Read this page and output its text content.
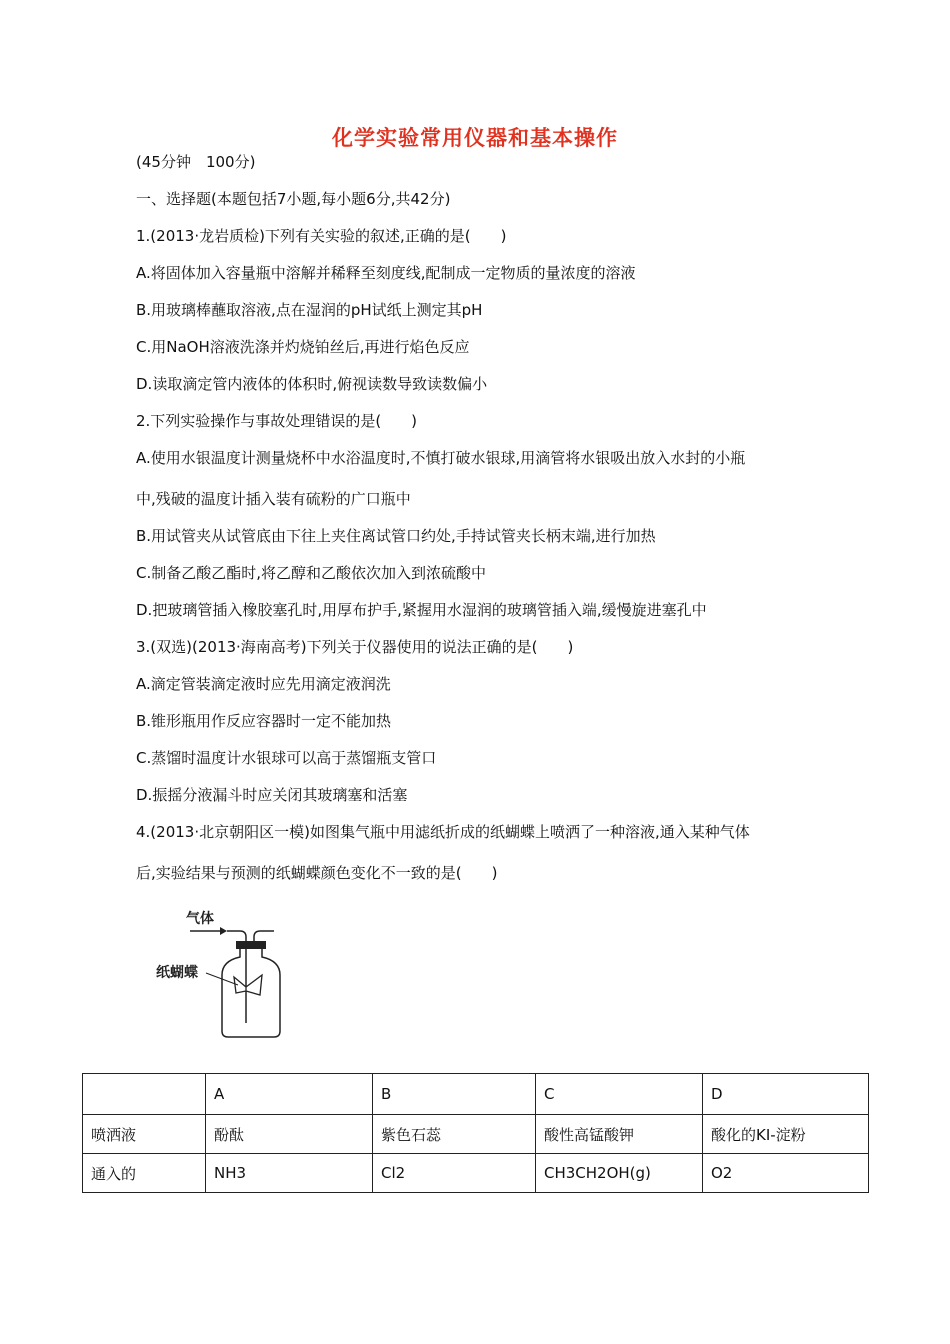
化学实验常用仪器和基本操作
(45分钟　100分)
一、选择题(本题包括7小题,每小题6分,共42分)
1.(2013·龙岩质检)下列有关实验的叙述,正确的是(　　)
A.将固体加入容量瓶中溶解并稀释至刻度线,配制成一定物质的量浓度的溶液
B.用玻璃棒蘸取溶液,点在湿润的pH试纸上测定其pH
C.用NaOH溶液洗涤并灼烧铂丝后,再进行焰色反应
D.读取滴定管内液体的体积时,俯视读数导致读数偏小
2.下列实验操作与事故处理错误的是(　　)
A.使用水银温度计测量烧杯中水浴温度时,不慎打破水银球,用滴管将水银吸出放入水封的小瓶
中,残破的温度计插入装有硫粉的广口瓶中
B.用试管夹从试管底由下往上夹住离试管口约处,手持试管夹长柄末端,进行加热
C.制备乙酸乙酯时,将乙醇和乙酸依次加入到浓硫酸中
D.把玻璃管插入橡胶塞孔时,用厚布护手,紧握用水湿润的玻璃管插入端,缓慢旋进塞孔中
3.(双选)(2013·海南高考)下列关于仪器使用的说法正确的是(　　)
A.滴定管装滴定液时应先用滴定液润洗
B.锥形瓶用作反应容器时一定不能加热
C.蒸馏时温度计水银球可以高于蒸馏瓶支管口
D.振摇分液漏斗时应关闭其玻璃塞和活塞
4.(2013·北京朝阳区一模)如图集气瓶中用滤纸折成的纸蝴蝶上喷洒了一种溶液,通入某种气体
后,实验结果与预测的纸蝴蝶颜色变化不一致的是(　　)
气体
纸蝴蝶
	A	B	C	D
喷洒液	酚酞	紫色石蕊	酸性高锰酸钾	酸化的KI-淀粉
通入的	NH3	Cl2	CH3CH2OH(g)	O2
